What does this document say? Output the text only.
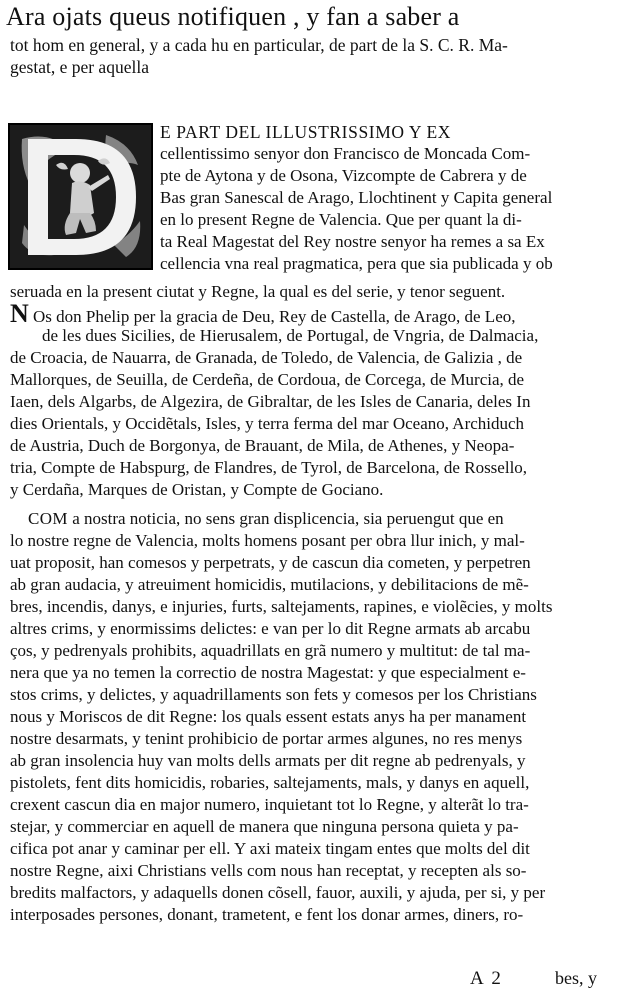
Ara ojats queus notifiquen , y fan a saber a
tot hom en general, y a cada hu en particular, de part de la S. C. R. Ma-
gestat, e per aquella
E PART DEL ILLUSTRISSIMO Y EX
cellentissimo senyor don Francisco de Moncada Com-
pte de Aytona y de Osona, Vizcompte de Cabrera y de
Bas gran Sanescal de Arago, Llochtinent y Capita general
en lo present Regne de Valencia. Que per quant la di-
ta Real Magestat del Rey nostre senyor ha remes a sa Ex
cellencia vna real pragmatica, pera que sia publicada y ob
seruada en la present ciutat y Regne, la qual es del serie, y tenor seguent.
N Os don Phelip per la gracia de Deu, Rey de Castella, de Arago, de Leo,
de les dues Sicilies, de Hierusalem, de Portugal, de Vngria, de Dalmacia,
de Croacia, de Nauarra, de Granada, de Toledo, de Valencia, de Galizia , de
Mallorques, de Seuilla, de Cerdeña, de Cordoua, de Corcega, de Murcia, de
Iaen, dels Algarbs, de Algezira, de Gibraltar, de les Isles de Canaria, deles In
dies Orientals, y Occidẽtals, Isles, y terra ferma del mar Oceano, Archiduch
de Austria, Duch de Borgonya, de Brauant, de Mila, de Athenes, y Neopa-
tria, Compte de Habspurg, de Flandres, de Tyrol, de Barcelona, de Rossello,
y Cerdaña, Marques de Oristan, y Compte de Gociano.
COM a nostra noticia, no sens gran displicencia, sia peruengut que en
lo nostre regne de Valencia, molts homens posant per obra llur inich, y mal-
uat proposit, han comesos y perpetrats, y de cascun dia cometen, y perpetren
ab gran audacia, y atreuiment homicidis, mutilacions, y debilitacions de mẽ-
bres, incendis, danys, e injuries, furts, saltejaments, rapines, e violẽcies, y molts
altres crims, y enormissims delictes: e van per lo dit Regne armats ab arcabu
ços, y pedrenyals prohibits, aquadrillats en grã numero y multitut: de tal ma-
nera que ya no temen la correctio de nostra Magestat: y que especialment e-
stos crims, y delictes, y aquadrillaments son fets y comesos per los Christians
nous y Moriscos de dit Regne: los quals essent estats anys ha per manament
nostre desarmats, y tenint prohibicio de portar armes algunes, no res menys
ab gran insolencia huy van molts dells armats per dit regne ab pedrenyals, y
pistolets, fent dits homicidis, robaries, saltejaments, mals, y danys en aquell,
crexent cascun dia en major numero, inquietant tot lo Regne, y alterãt lo tra-
stejar, y commerciar en aquell de manera que ninguna persona quieta y pa-
cifica pot anar y caminar per ell. Y axi mateix tingam entes que molts del dit
nostre Regne, aixi Christians vells com nous han receptat, y recepten als so-
bredits malfactors, y adaquells donen cõsell, fauor, auxili, y ajuda, per si, y per
interposades persones, donant, trametent, e fent los donar armes, diners, ro-
A 2	bes, y
